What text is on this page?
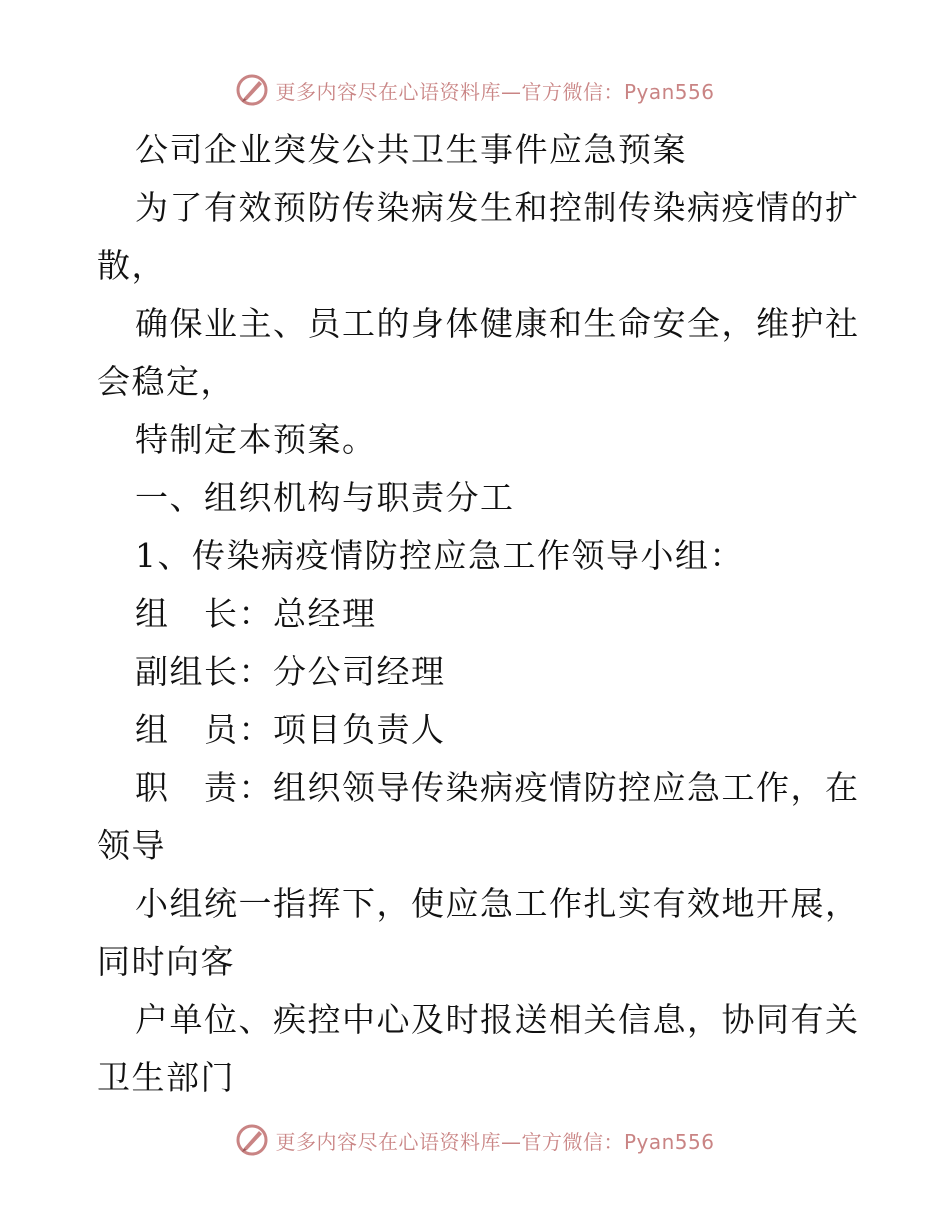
更多内容尽在心语资料库—官方微信：Pyan556
公司企业突发公共卫生事件应急预案
为了有效预防传染病发生和控制传染病疫情的扩
散，
确保业主、员工的身体健康和生命安全，维护社
会稳定，
特制定本预案。
一、组织机构与职责分工
1、传染病疫情防控应急工作领导小组：
组　长：总经理
副组长：分公司经理
组　员：项目负责人
职　责：组织领导传染病疫情防控应急工作，在
领导
小组统一指挥下，使应急工作扎实有效地开展，
同时向客
户单位、疾控中心及时报送相关信息，协同有关
卫生部门
更多内容尽在心语资料库—官方微信：Pyan556
